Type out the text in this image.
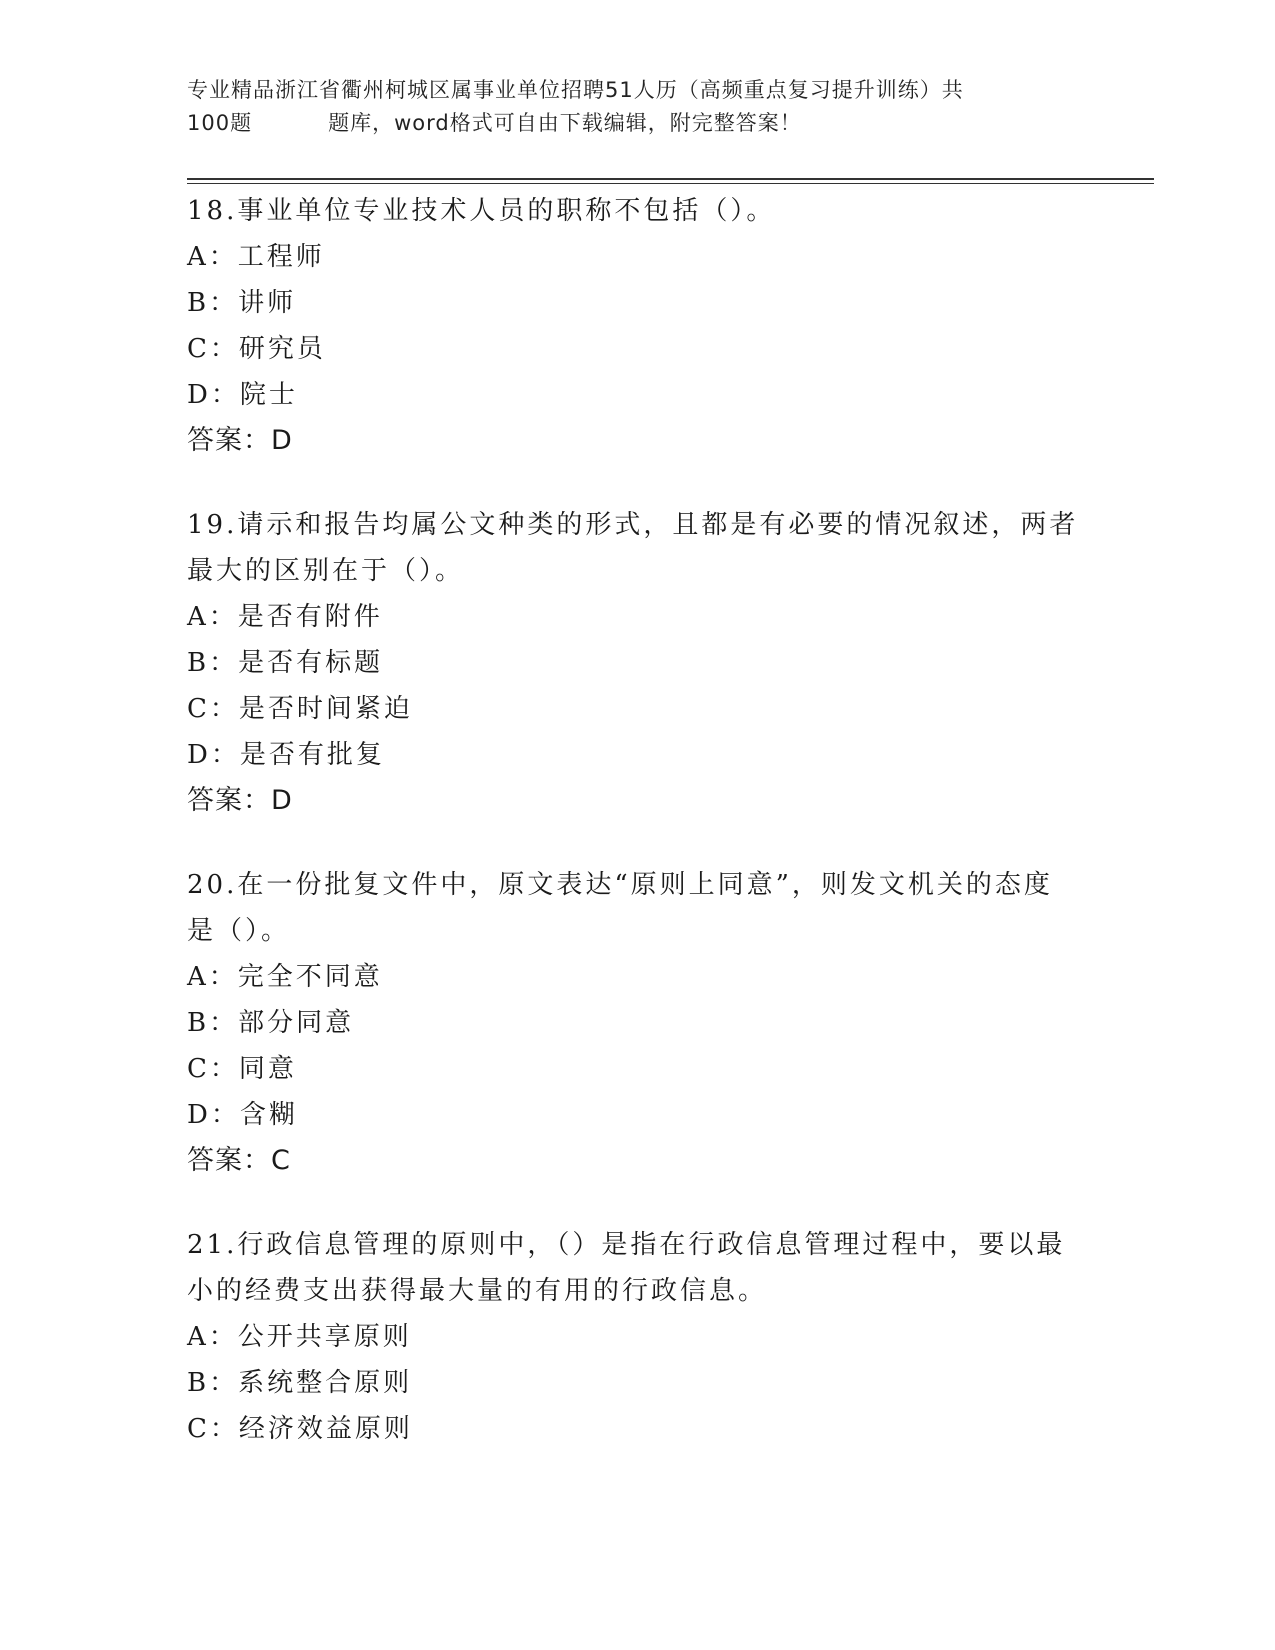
专业精品浙江省衢州柯城区属事业单位招聘51人历（高频重点复习提升训练）共
100题	题库，word格式可自由下载编辑，附完整答案！
18.事业单位专业技术人员的职称不包括（）。
A：工程师
B：讲师
C：研究员
D：院士
答案：D
19.请示和报告均属公文种类的形式，且都是有必要的情况叙述，两者
最大的区别在于（）。
A：是否有附件
B：是否有标题
C：是否时间紧迫
D：是否有批复
答案：D
20.在一份批复文件中，原文表达“原则上同意”，则发文机关的态度
是（）。
A：完全不同意
B：部分同意
C：同意
D：含糊
答案：C
21.行政信息管理的原则中，（）是指在行政信息管理过程中，要以最
小的经费支出获得最大量的有用的行政信息。
A：公开共享原则
B：系统整合原则
C：经济效益原则
